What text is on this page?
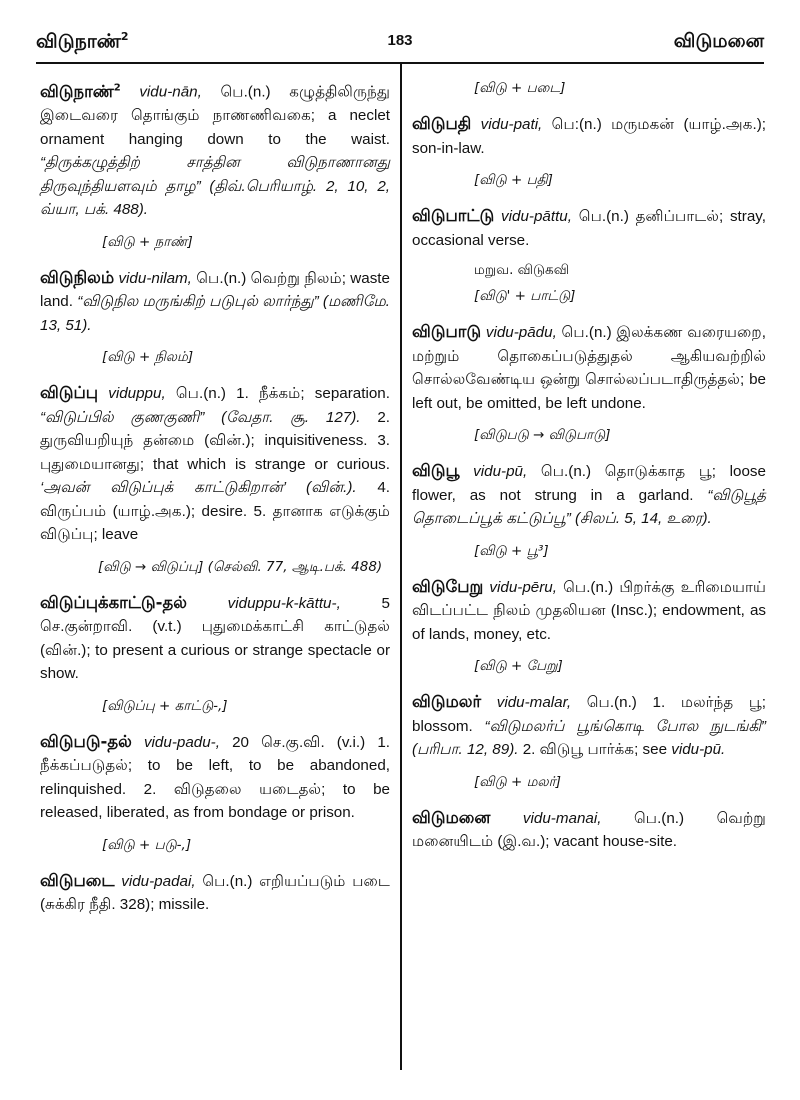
விடுநாண்$^2$	183	விடுமனை
விடுநாண்$^2$ vidu-nān, பெ.(n.) கழுத்திலிருந்து இடைவரை தொங்கும் நாணணிவகை; a neclet ornament hanging down to the waist. “திருக்கழுத்திற் சாத்தின விடுநாணானது திருவுந்தியளவும் தாழ” (திவ்.பெரியாழ். 2, 10, 2, வ்யா, பக். 488).
[விடு + நாண்]
விடுநிலம் vidu-nilam, பெ.(n.) வெற்று நிலம்; waste land. “விடுநில மருங்கிற் படுபுல் லார்ந்து” (மணிமே. 13, 51).
[விடு + நிலம்]
விடுப்பு viduppu, பெ.(n.) 1. நீக்கம்; separation. “விடுப்பில் குணகுணி” (வேதா. சூ. 127). 2. துருவியறியுந் தன்மை (வின்.); inquisitiveness. 3. புதுமையானது; that which is strange or curious. ‘அவன் விடுப்புக் காட்டுகிறான்’ (வின்.). 4. விருப்பம் (யாழ்.அக.); desire. 5. தானாக எடுக்கும் விடுப்பு; leave
[விடு → விடுப்பு] (செல்வி. 77, ஆடி.பக். 488)
விடுப்புக்காட்டு-தல்	viduppu-k-kāttu-,	5 செ.குன்றாவி. (v.t.) புதுமைக்காட்சி காட்டுதல் (வின்.); to present a curious or strange spectacle or show.
[விடுப்பு + காட்டு-,]
விடுபடு-தல் vidu-padu-, 20 செ.கு.வி. (v.i.) 1. நீக்கப்படுதல்; to be left, to be abandoned, relinquished. 2. விடுதலை யடைதல்; to be released, liberated, as from bondage or prison.
[விடு + படு-,]
விடுபடை vidu-padai, பெ.(n.) எறியப்படும் படை (சுக்கிர நீதி. 328); missile.
[விடு + படை]
விடுபதி vidu-pati, பெ:(n.) மருமகன் (யாழ்.அக.); son-in-law.
[விடு + பதி]
விடுபாட்டு vidu-pāttu, பெ.(n.) தனிப்பாடல்; stray, occasional verse.
மறுவ. விடுகவி
[விடு' + பாட்டு]
விடுபாடு vidu-pādu, பெ.(n.) இலக்கண வரையறை, மற்றும் தொகைப்படுத்துதல் ஆகியவற்றில் சொல்லவேண்டிய ஒன்று சொல்லப்படாதிருத்தல்; be left out, be omitted, be left undone.
[விடுபடு → விடுபாடு]
விடுபூ vidu-pū, பெ.(n.) தொடுக்காத பூ; loose flower, as not strung in a garland. “விடுபூத் தொடைப்பூக் கட்டுப்பூ” (சிலப். 5, 14, உரை).
[விடு + பூ³]
விடுபேறு vidu-pēru, பெ.(n.) பிறர்க்கு உரிமையாய் விடப்பட்ட நிலம் முதலியன (Insc.); endowment, as of lands, money, etc.
[விடு + பேறு]
விடுமலர் vidu-malar, பெ.(n.) 1. மலர்ந்த பூ; blossom. “விடுமலர்ப் பூங்கொடி போல நுடங்கி” (பரிபா. 12, 89). 2. விடுபூ பார்க்க; see vidu-pū.
[விடு + மலர்]
விடுமனை vidu-manai, பெ.(n.) வெற்று மனையிடம் (இ.வ.); vacant house-site.
